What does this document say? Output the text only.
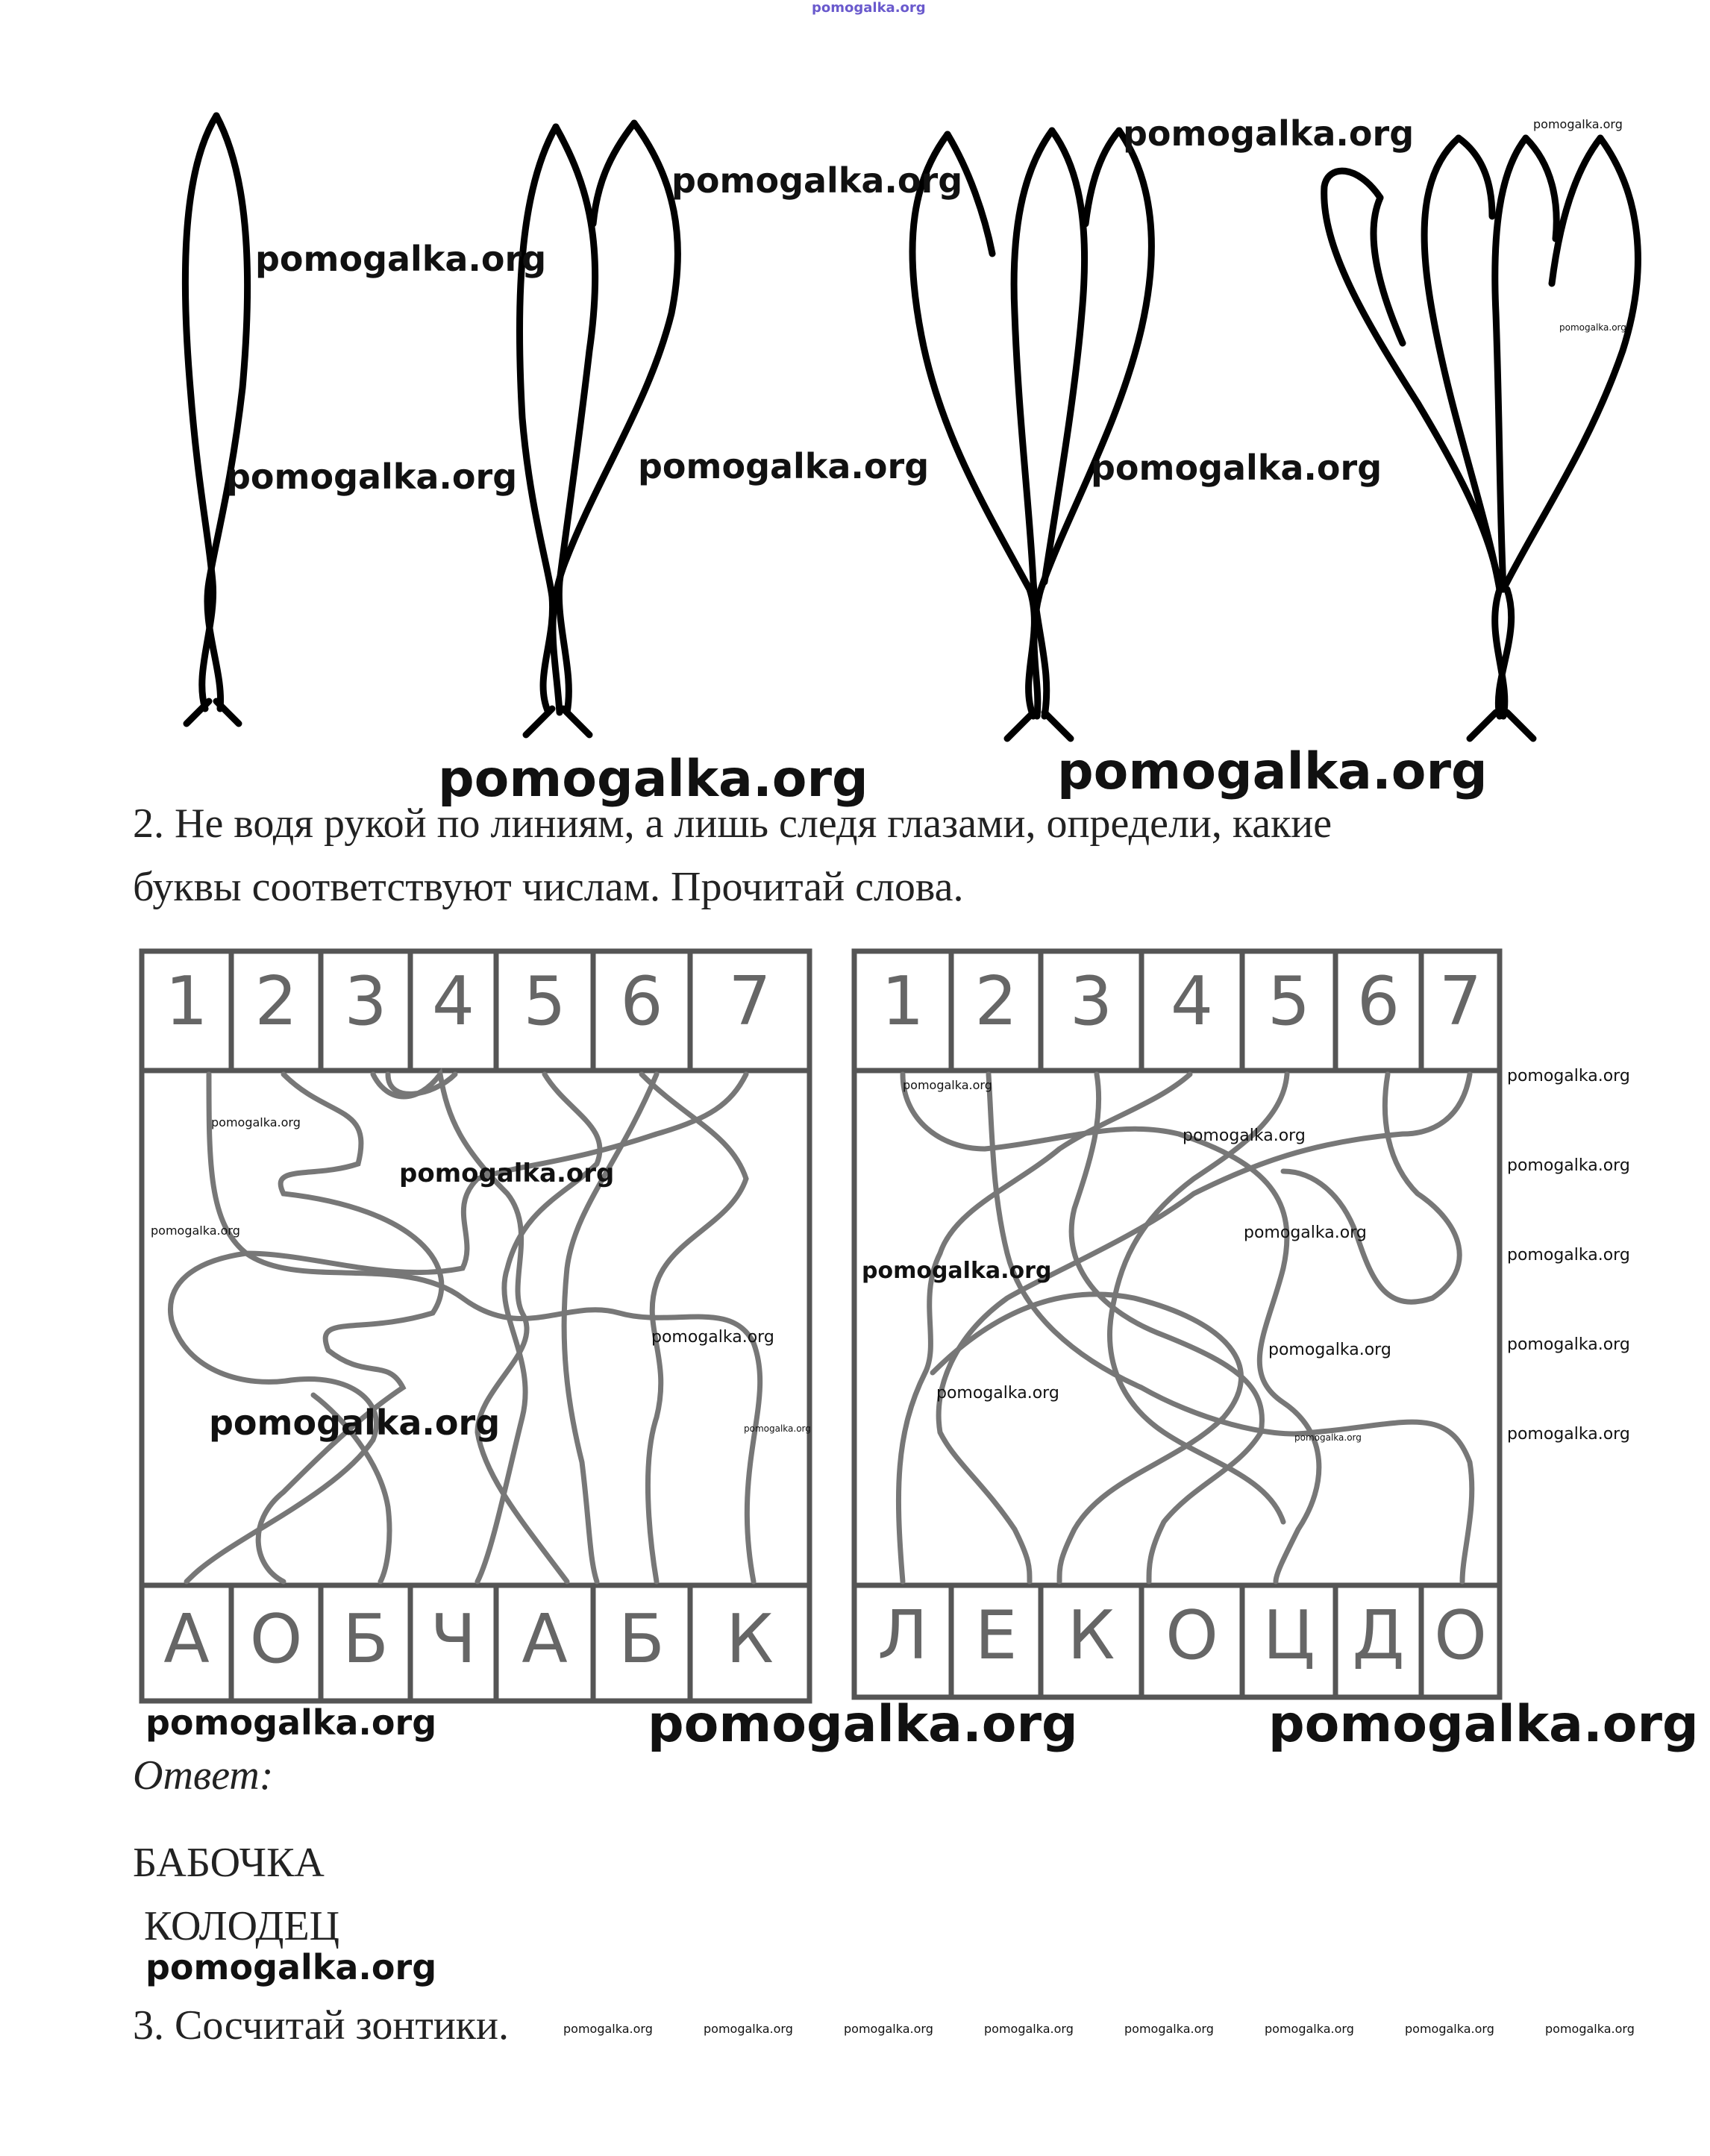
pomogalka.org
pomogalka.org
pomogalka.org
pomogalka.org
pomogalka.org
pomogalka.org
pomogalka.org
pomogalka.org
pomogalka.org
pomogalka.org	pomogalka.org
2. Не водя рукой по линиям, а лишь следя глазами, определи, какие
буквы соответствуют числам. Прочитай слова.
1 2 3 4 5 6 7
А О Б Ч А Б К
1 2 3 4 5 6 7
Л Е К О Ц Д О
pomogalka.org
pomogalka.org
pomogalka.org
pomogalka.org
pomogalka.org	pomogalka.org
pomogalka.org
pomogalka.org
pomogalka.org
pomogalka.org
pomogalka.org
pomogalka.org
pomogalka.org
pomogalka.org
pomogalka.org
pomogalka.org
pomogalka.org
pomogalka.org
pomogalka.org	pomogalka.org	pomogalka.org
Ответ:
БАБОЧКА
КОЛОДЕЦ
pomogalka.org
3. Сосчитай зонтики.	pomogalka.org	pomogalka.org	pomogalka.org	pomogalka.org	pomogalka.org	pomogalka.org	pomogalka.org	pomogalka.org
